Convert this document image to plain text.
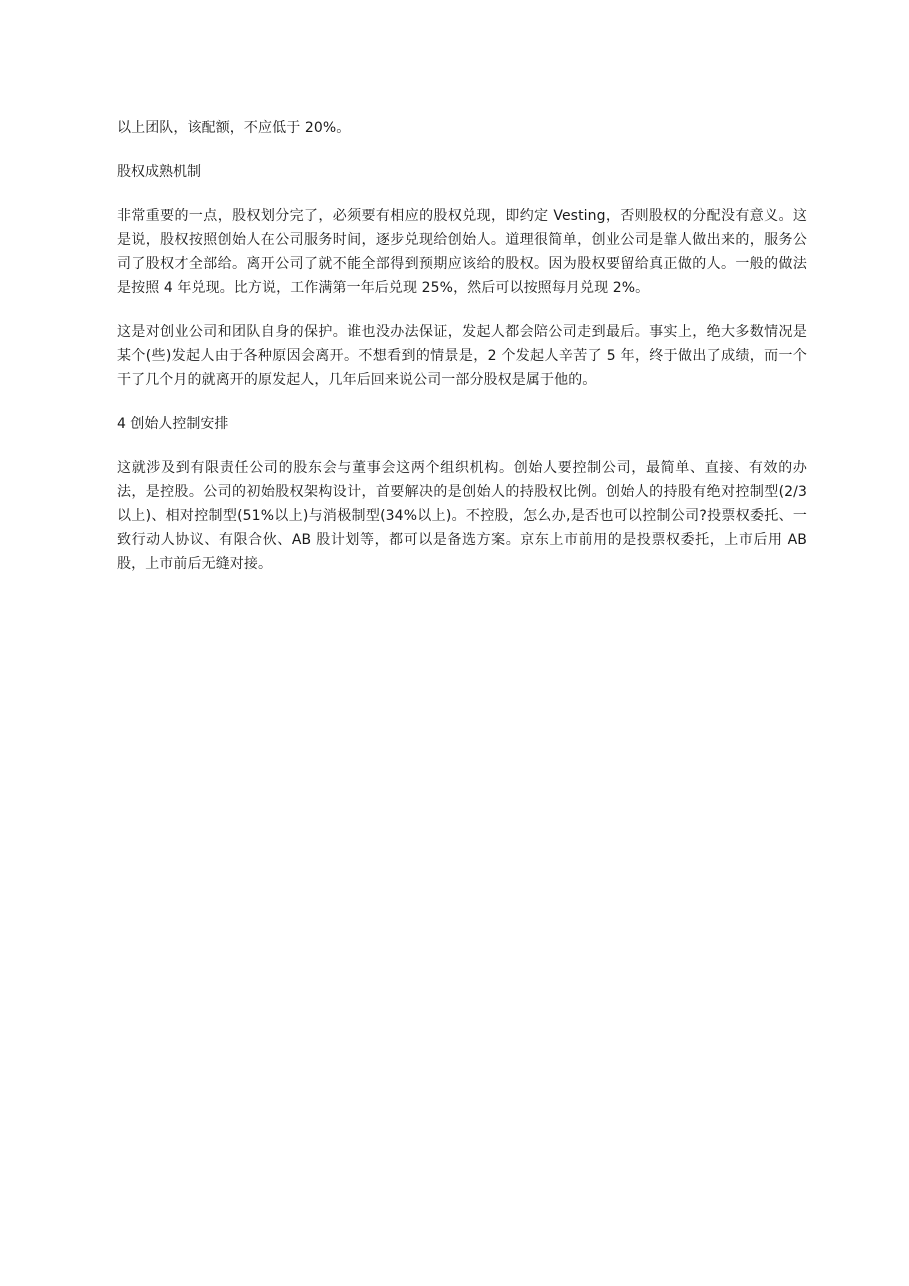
以上团队，该配额，不应低于 20%。

股权成熟机制

非常重要的一点，股权划分完了，必须要有相应的股权兑现，即约定 Vesting，否则股权的分配没有意义。这是说，股权按照创始人在公司服务时间，逐步兑现给创始人。道理很简单，创业公司是靠人做出来的，服务公司了股权才全部给。离开公司了就不能全部得到预期应该给的股权。因为股权要留给真正做的人。一般的做法是按照 4 年兑现。比方说，工作满第一年后兑现 25%，然后可以按照每月兑现 2%。

这是对创业公司和团队自身的保护。谁也没办法保证，发起人都会陪公司走到最后。事实上，绝大多数情况是某个(些)发起人由于各种原因会离开。不想看到的情景是，2 个发起人辛苦了 5 年，终于做出了成绩，而一个干了几个月的就离开的原发起人，几年后回来说公司一部分股权是属于他的。

4 创始人控制安排

这就涉及到有限责任公司的股东会与董事会这两个组织机构。创始人要控制公司，最简单、直接、有效的办法，是控股。公司的初始股权架构设计，首要解决的是创始人的持股权比例。创始人的持股有绝对控制型(2/3 以上)、相对控制型(51%以上)与消极制型(34%以上)。不控股，怎么办,是否也可以控制公司?投票权委托、一致行动人协议、有限合伙、AB 股计划等，都可以是备选方案。京东上市前用的是投票权委托，上市后用 AB 股，上市前后无缝对接。
